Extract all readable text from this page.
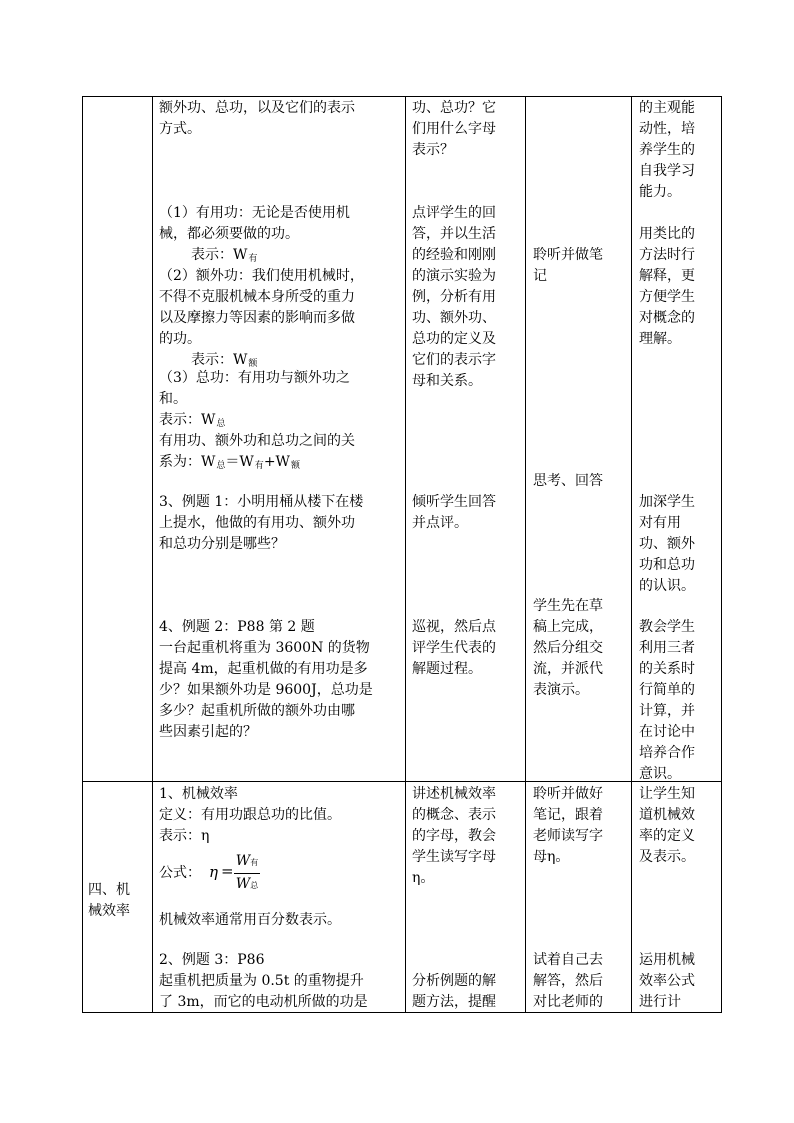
额外功、总功，以及它们的表示
方式。
（1）有用功：无论是否使用机
械，都必须要做的功。
表示：$W_有$
（2）额外功：我们使用机械时，
不得不克服机械本身所受的重力
以及摩擦力等因素的影响而多做
的功。
表示：$W_额$
（3）总功：有用功与额外功之
和。
表示：$W_总$
有用功、额外功和总功之间的关
系为：$W_总=W_有+W_额$
3、例题 1：小明用桶从楼下在楼
上提水，他做的有用功、额外功
和总功分别是哪些？
4、例题 2：P88 第 2 题
一台起重机将重为 3600N 的货物
提高 4m，起重机做的有用功是多
少？如果额外功是 9600J，总功是
多少？起重机所做的额外功由哪
些因素引起的？
功、总功？它
们用什么字母
表示？
点评学生的回
答，并以生活
的经验和刚刚
的演示实验为
例，分析有用
功、额外功、
总功的定义及
它们的表示字
母和关系。
倾听学生回答
并点评。
巡视，然后点
评学生代表的
解题过程。
聆听并做笔
记
思考、回答
学生先在草
稿上完成，
然后分组交
流，并派代
表演示。
的主观能
动性，培
养学生的
自我学习
能力。
用类比的
方法时行
解释，更
方便学生
对概念的
理解。
加深学生
对有用
功、额外
功和总功
的认识。
教会学生
利用三者
的关系时
行简单的
计算，并
在讨论中
培养合作
意识。
四、机
械效率
1、机械效率
定义：有用功跟总功的比值。
表示：η
公式： η =
W有
W总
机械效率通常用百分数表示。
2、例题 3：P86
起重机把质量为 0.5t 的重物提升
了 3m，而它的电动机所做的功是
讲述机械效率
的概念、表示
的字母，教会
学生读写字母
η。
分析例题的解
题方法，提醒
聆听并做好
笔记，跟着
老师读写字
母η。
试着自己去
解答，然后
对比老师的
让学生知
道机械效
率的定义
及表示。
运用机械
效率公式
进行计
